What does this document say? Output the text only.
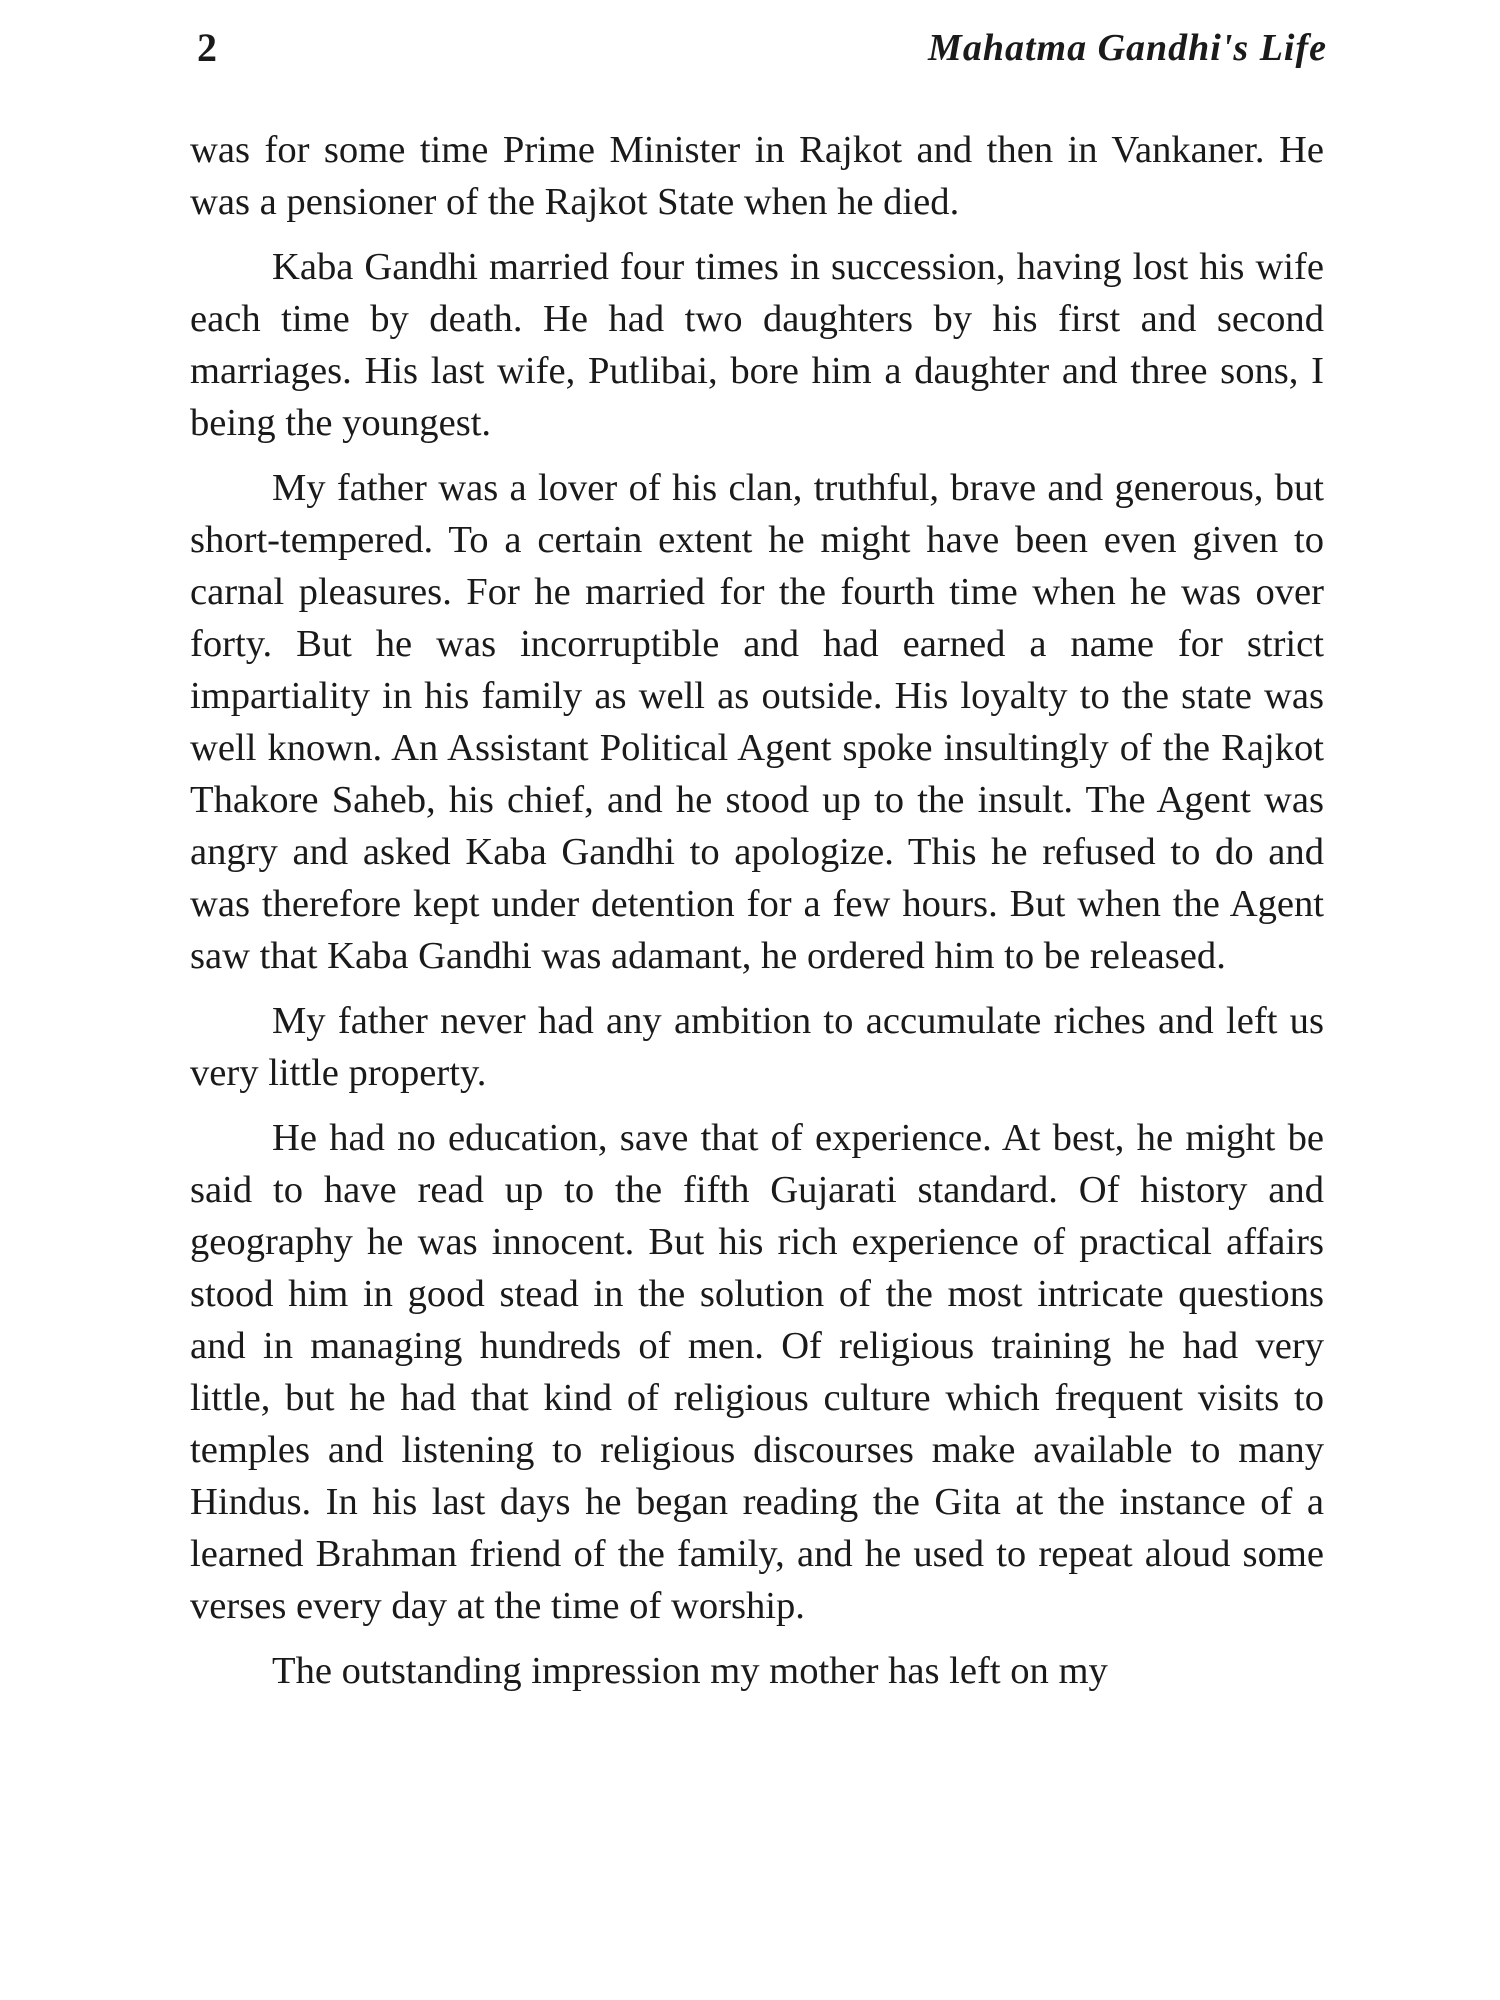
2	Mahatma Gandhi's Life

was for some time Prime Minister in Rajkot and then in Vankaner. He was a pensioner of the Rajkot State when he died.

Kaba Gandhi married four times in succession, having lost his wife each time by death. He had two daughters by his first and second marriages. His last wife, Putlibai, bore him a daughter and three sons, I being the youngest.

My father was a lover of his clan, truthful, brave and generous, but short-tempered. To a certain extent he might have been even given to carnal pleasures. For he married for the fourth time when he was over forty. But he was incorruptible and had earned a name for strict impartiality in his family as well as outside. His loyalty to the state was well known. An Assistant Political Agent spoke insultingly of the Rajkot Thakore Saheb, his chief, and he stood up to the insult. The Agent was angry and asked Kaba Gandhi to apologize. This he refused to do and was therefore kept under detention for a few hours. But when the Agent saw that Kaba Gandhi was adamant, he ordered him to be released.

My father never had any ambition to accumulate riches and left us very little property.

He had no education, save that of experience. At best, he might be said to have read up to the fifth Gujarati standard. Of history and geography he was innocent. But his rich experience of practical affairs stood him in good stead in the solution of the most intricate questions and in managing hundreds of men. Of religious training he had very little, but he had that kind of religious culture which frequent visits to temples and listening to religious discourses make available to many Hindus. In his last days he began reading the Gita at the instance of a learned Brahman friend of the family, and he used to repeat aloud some verses every day at the time of worship.

The outstanding impression my mother has left on my
